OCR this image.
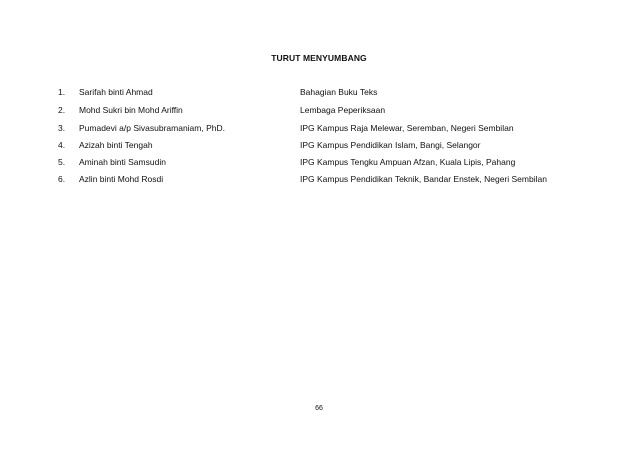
TURUT MENYUMBANG
1. Sarifah binti Ahmad	Bahagian Buku Teks
2. Mohd Sukri bin Mohd Ariffin	Lembaga Peperiksaan
3. Pumadevi a/p Sivasubramaniam, PhD.	IPG Kampus Raja Melewar, Seremban, Negeri Sembilan
4. Azizah binti Tengah	IPG Kampus Pendidikan Islam, Bangi, Selangor
5. Aminah binti Samsudin	IPG Kampus Tengku Ampuan Afzan, Kuala Lipis, Pahang
6. Azlin binti Mohd Rosdi	IPG Kampus Pendidikan Teknik, Bandar Enstek, Negeri Sembilan
66
